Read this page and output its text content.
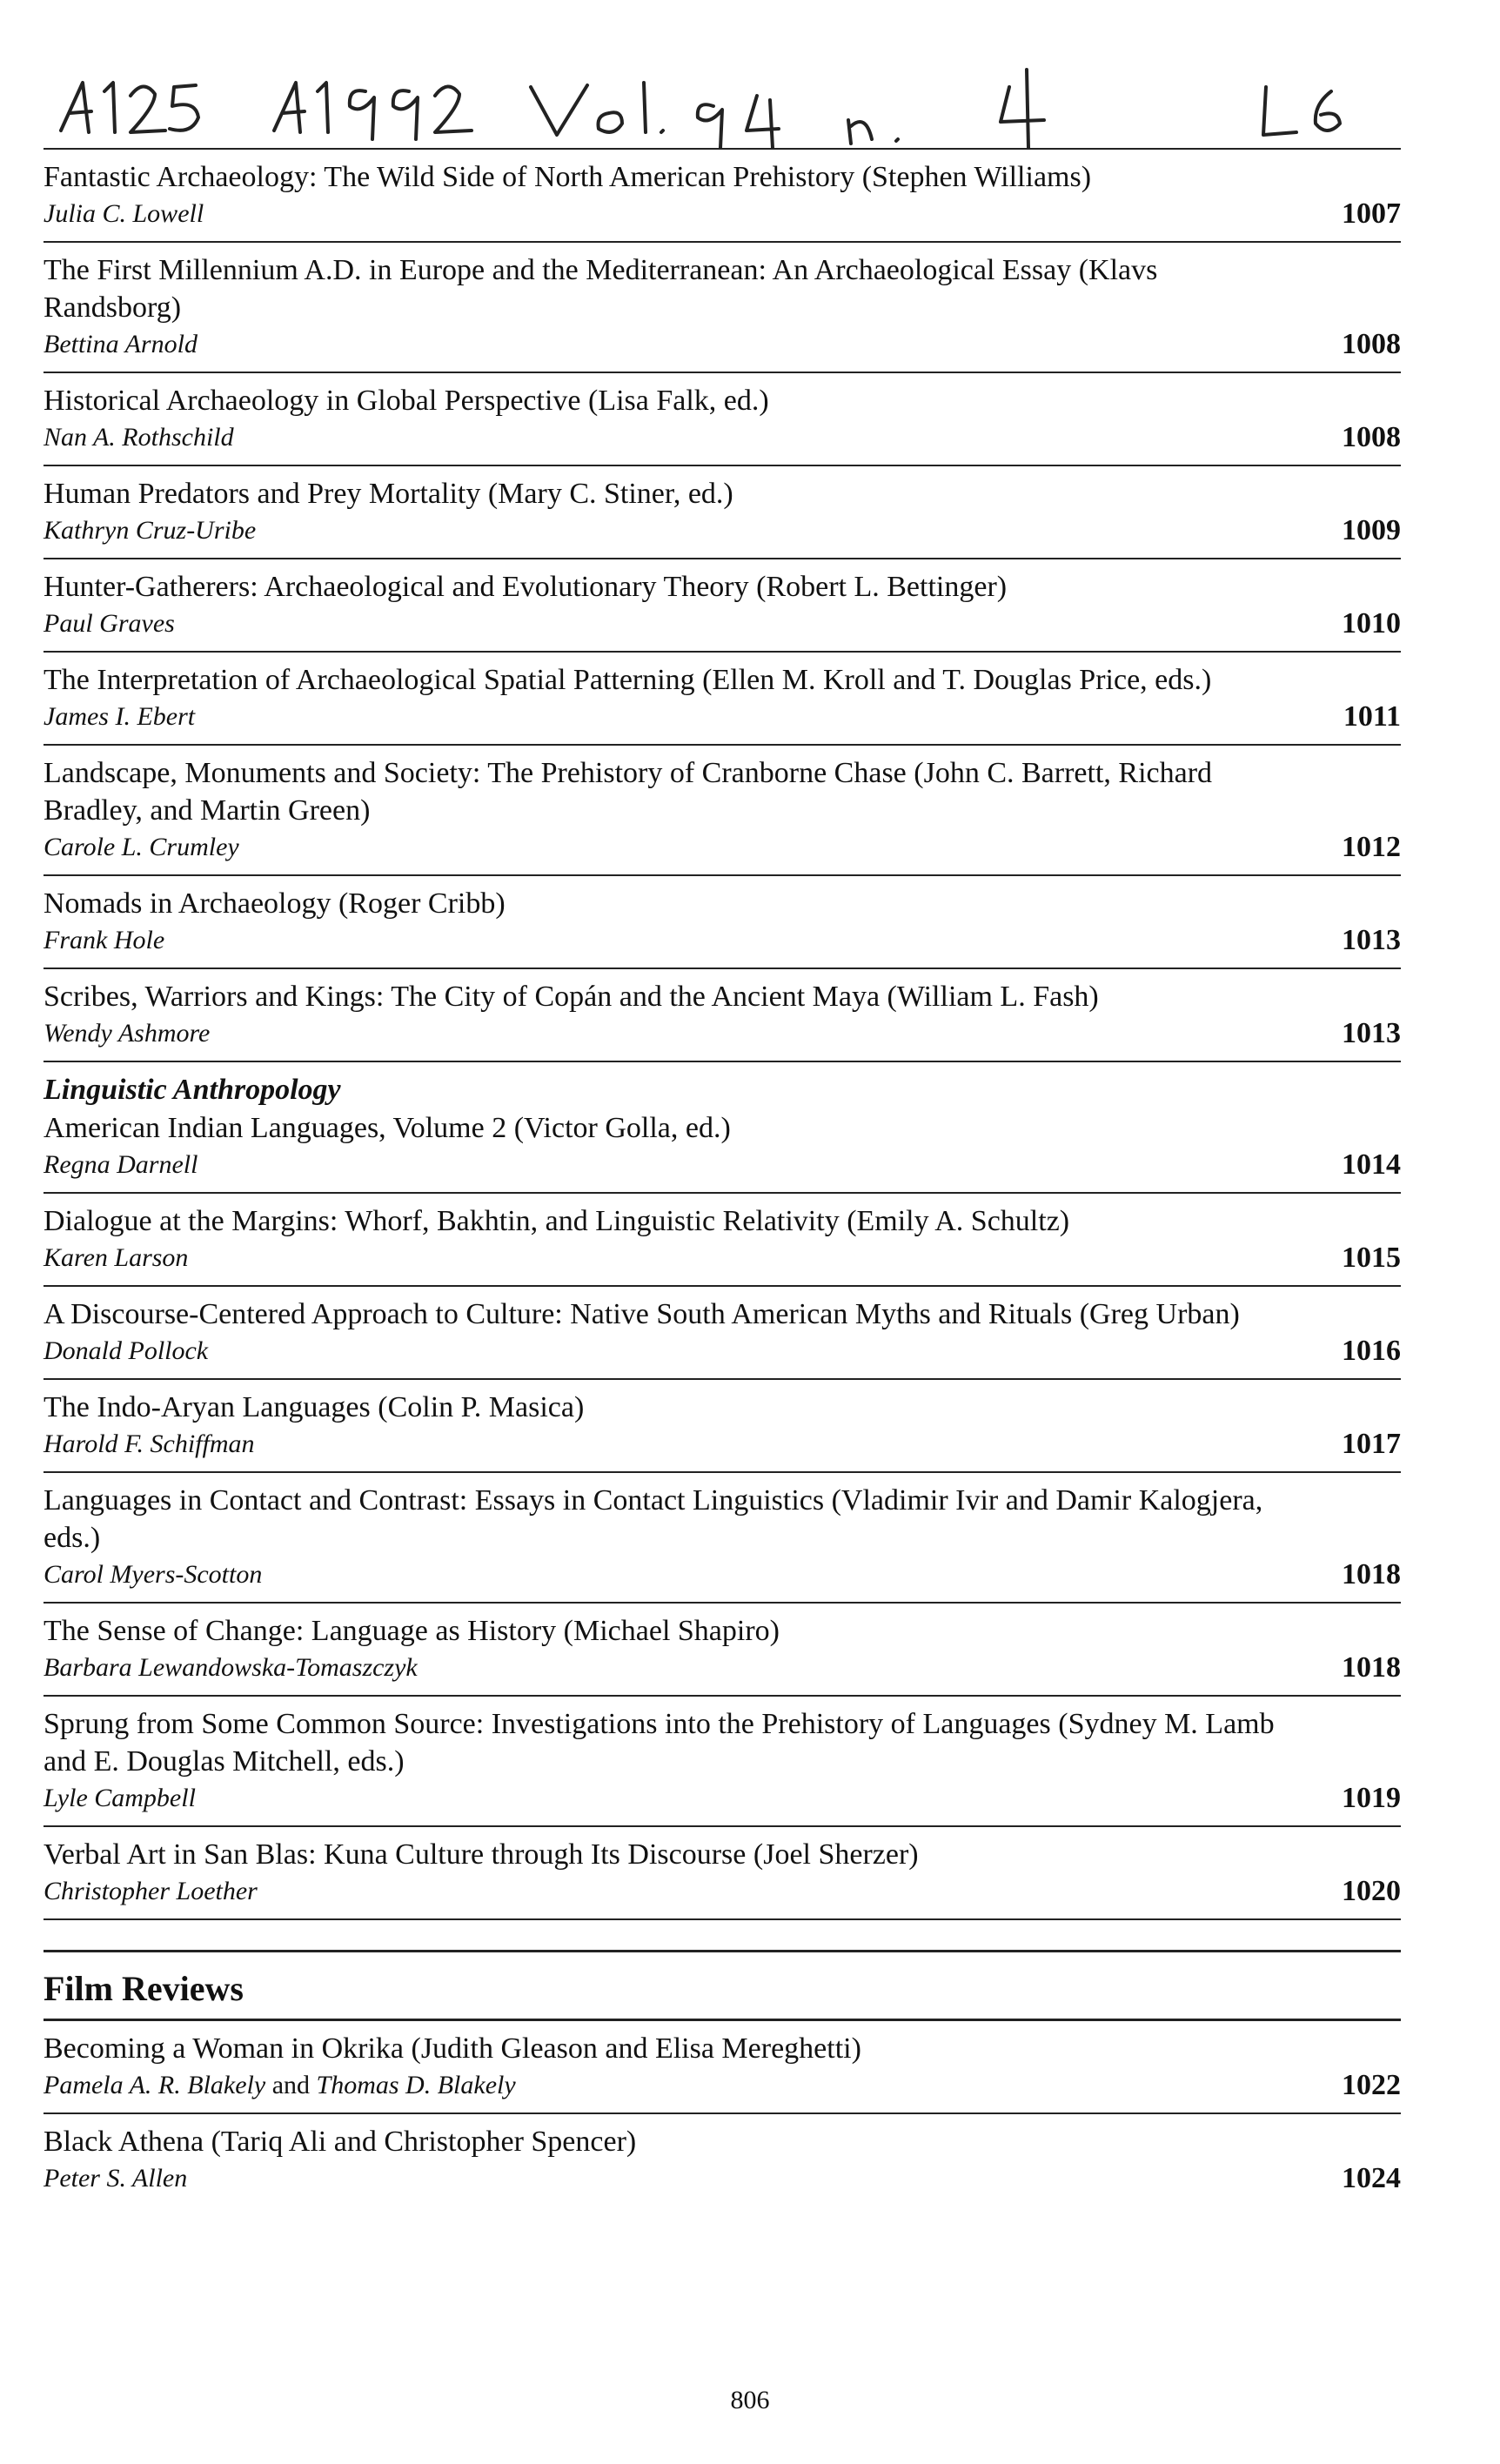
Fantastic Archaeology: The Wild Side of North American Prehistory (Stephen Williams)
Julia C. Lowell	1007
The First Millennium A.D. in Europe and the Mediterranean: An Archaeological Essay (Klavs Randsborg)
Bettina Arnold	1008
Historical Archaeology in Global Perspective (Lisa Falk, ed.)
Nan A. Rothschild	1008
Human Predators and Prey Mortality (Mary C. Stiner, ed.)
Kathryn Cruz-Uribe	1009
Hunter-Gatherers: Archaeological and Evolutionary Theory (Robert L. Bettinger)
Paul Graves	1010
The Interpretation of Archaeological Spatial Patterning (Ellen M. Kroll and T. Douglas Price, eds.)
James I. Ebert	1011
Landscape, Monuments and Society: The Prehistory of Cranborne Chase (John C. Barrett, Richard Bradley, and Martin Green)
Carole L. Crumley	1012
Nomads in Archaeology (Roger Cribb)
Frank Hole	1013
Scribes, Warriors and Kings: The City of Copán and the Ancient Maya (William L. Fash)
Wendy Ashmore	1013
Linguistic Anthropology
American Indian Languages, Volume 2 (Victor Golla, ed.)
Regna Darnell	1014
Dialogue at the Margins: Whorf, Bakhtin, and Linguistic Relativity (Emily A. Schultz)
Karen Larson	1015
A Discourse-Centered Approach to Culture: Native South American Myths and Rituals (Greg Urban)
Donald Pollock	1016
The Indo-Aryan Languages (Colin P. Masica)
Harold F. Schiffman	1017
Languages in Contact and Contrast: Essays in Contact Linguistics (Vladimir Ivir and Damir Kalogjera, eds.)
Carol Myers-Scotton	1018
The Sense of Change: Language as History (Michael Shapiro)
Barbara Lewandowska-Tomaszczyk	1018
Sprung from Some Common Source: Investigations into the Prehistory of Languages (Sydney M. Lamb and E. Douglas Mitchell, eds.)
Lyle Campbell	1019
Verbal Art in San Blas: Kuna Culture through Its Discourse (Joel Sherzer)
Christopher Loether	1020
Film Reviews
Becoming a Woman in Okrika (Judith Gleason and Elisa Mereghetti)
Pamela A. R. Blakely and Thomas D. Blakely	1022
Black Athena (Tariq Ali and Christopher Spencer)
Peter S. Allen	1024
806
